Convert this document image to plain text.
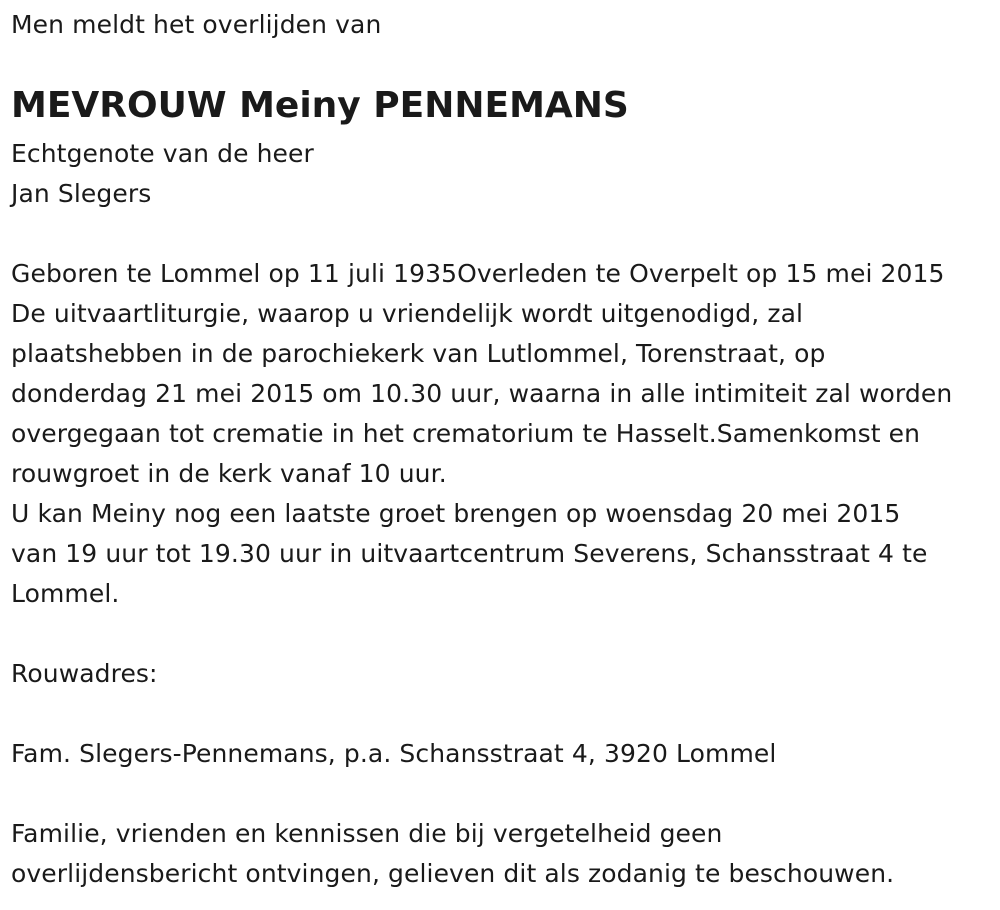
Men meldt het overlijden van
MEVROUW Meiny PENNEMANS
Echtgenote van de heer
Jan Slegers
Geboren te Lommel op 11 juli 1935Overleden te Overpelt op 15 mei 2015
De uitvaartliturgie, waarop u vriendelijk wordt uitgenodigd, zal
plaatshebben in de parochiekerk van Lutlommel, Torenstraat, op
donderdag 21 mei 2015 om 10.30 uur, waarna in alle intimiteit zal worden
overgegaan tot crematie in het crematorium te Hasselt.Samenkomst en
rouwgroet in de kerk vanaf 10 uur.
U kan Meiny nog een laatste groet brengen op woensdag 20 mei 2015
van 19 uur tot 19.30 uur in uitvaartcentrum Severens, Schansstraat 4 te
Lommel.
Rouwadres:
Fam. Slegers-Pennemans, p.a. Schansstraat 4, 3920 Lommel
Familie, vrienden en kennissen die bij vergetelheid geen
overlijdensbericht ontvingen, gelieven dit als zodanig te beschouwen.
